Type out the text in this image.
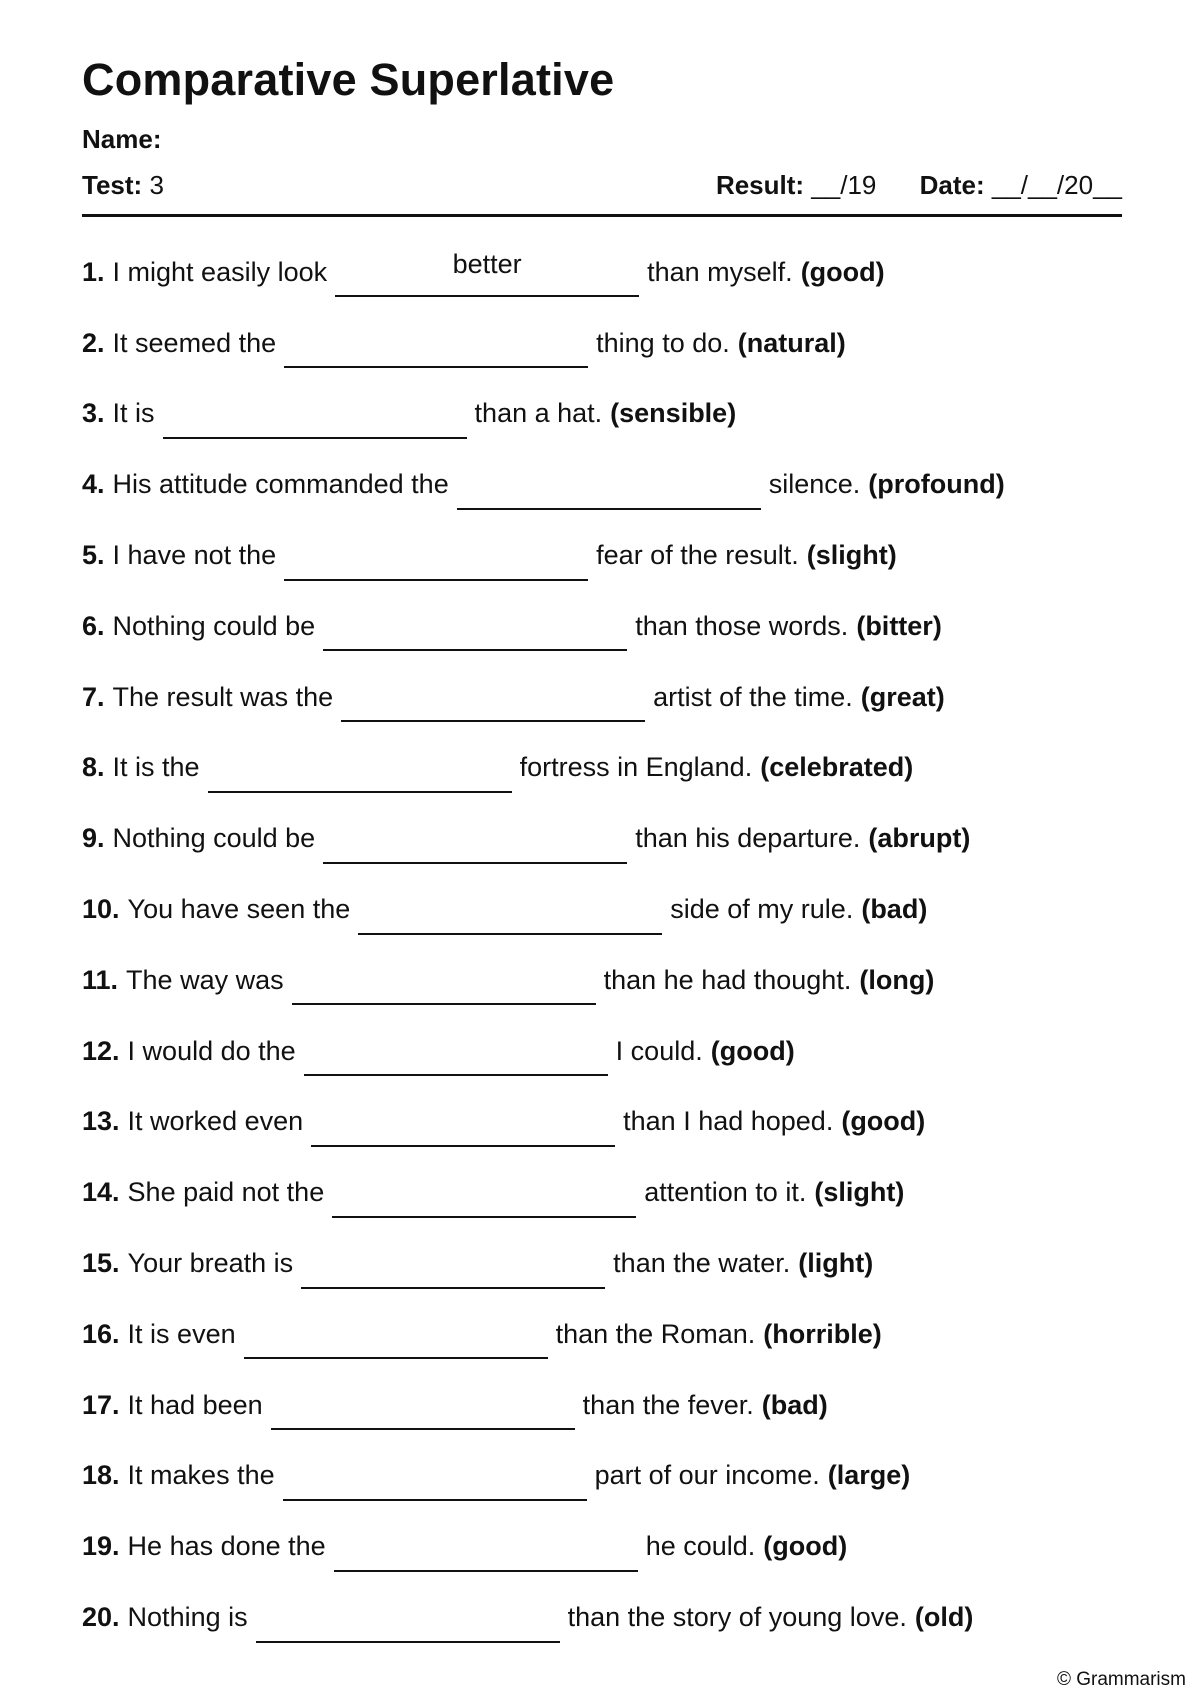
Comparative Superlative
Name:
Test: 3	Result: __/19 Date: __/__/20__
1. I might easily look	better	than myself. (good)
2. It seemed the	thing to do. (natural)
3. It is	than a hat. (sensible)
4. His attitude commanded the	silence. (profound)
5. I have not the	fear of the result. (slight)
6. Nothing could be	than those words. (bitter)
7. The result was the	artist of the time. (great)
8. It is the	fortress in England. (celebrated)
9. Nothing could be	than his departure. (abrupt)
10. You have seen the	side of my rule. (bad)
11. The way was	than he had thought. (long)
12. I would do the	I could. (good)
13. It worked even	than I had hoped. (good)
14. She paid not the	attention to it. (slight)
15. Your breath is	than the water. (light)
16. It is even	than the Roman. (horrible)
17. It had been	than the fever. (bad)
18. It makes the	part of our income. (large)
19. He has done the	he could. (good)
20. Nothing is	than the story of young love. (old)
© Grammarism
